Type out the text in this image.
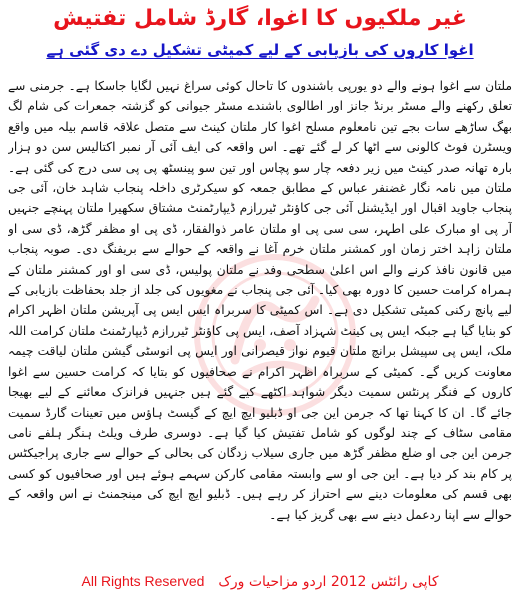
غیر ملکیوں کا اغوا، گارڈ شامل تفتیش
اغوا کاروں کی بازیابی کے لیے کمیٹی تشکیل دے دی گئی ہے
ملتان سے اغوا ہونے والے دو یورپی باشندوں کا تاحال کوئی سراغ نہیں لگایا جاسکا ہے۔ جرمنی سے تعلق رکھنے والے مسٹر برنڈ جانز اور اطالوی باشندے مسٹر جیوانی کو گزشتہ جمعرات کی شام لگ بھگ ساڑھے سات بجے تین نامعلوم مسلح اغوا کار ملتان کینٹ سے متصل علاقہ قاسم بیلہ میں واقع ویسٹرن فوٹ کالونی سے اٹھا کر لے گئے تھے۔ اس واقعہ کی ایف آئی آر نمبر اکتالیس سن دو ہزار بارہ تھانہ صدر کینٹ میں زیر دفعہ چار سو پچاس اور تین سو پینسٹھ پی پی سی درج کی گئی ہے۔ ملتان میں نامہ نگار غضنفر عباس کے مطابق جمعہ کو سیکرٹری داخلہ پنجاب شاہد خان، آئی جی پنجاب جاوید اقبال اور ایڈیشنل آئی جی کاؤنٹر ٹیررازم ڈیپارٹمنٹ مشتاق سکھیرا ملتان پہنچے جنہیں آر پی او مبارک علی اطہر، سی سی پی او ملتان عامر ذوالفقار، ڈی پی او مظفر گڑھ، ڈی سی او ملتان زاہد اختر زمان اور کمشنر ملتان خرم آغا نے واقعہ کے حوالے سے بریفنگ دی۔ صوبہ پنجاب میں قانون نافذ کرنے والے اس اعلیٰ سطحی وفد نے ملتان پولیس، ڈی سی او اور کمشنر ملتان کے ہمراہ کرامت حسین کا دورہ بھی کیا۔ آئی جی پنجاب نے مغویوں کی جلد از جلد بحفاظت بازیابی کے لیے پانچ رکنی کمیٹی تشکیل دی ہے۔ اس کمیٹی کا سربراہ ایس ایس پی آپریشن ملتان اظہر اکرام کو بنایا گیا ہے جبکہ ایس پی کینٹ شہزاد آصف، ایس پی کاؤنٹر ٹیررازم ڈیپارٹمنٹ ملتان کرامت اللہ ملک، ایس پی سپیشل برانچ ملتان قیوم نواز قیصرانی اور ایس پی انوسٹی گیشن ملتان لیاقت چیمہ معاونت کریں گے۔ کمیٹی کے سربراہ اظہر اکرام نے صحافیوں کو بتایا کہ کرامت حسین سے اغوا کاروں کے فنگر پرنٹس سمیت دیگر شواہد اکٹھے کیے گئے ہیں جنہیں فرانزک معائنے کے لیے بھیجا جائے گا۔ ان کا کہنا تھا کہ جرمن این جی او ڈبلیو ایچ ایچ کے گیسٹ ہاؤس میں تعینات گارڈ سمیت مقامی سٹاف کے چند لوگوں کو شامل تفتیش کیا گیا ہے۔ دوسری طرف ویلٹ ہنگر ہلفے نامی جرمن این جی او ضلع مظفر گڑھ میں جاری سیلاب زدگان کی بحالی کے حوالے سے جاری پراجیکٹس پر کام بند کر دیا ہے۔ این جی او سے وابستہ مقامی کارکن سہمے ہوئے ہیں اور صحافیوں کو کسی بھی قسم کی معلومات دینے سے احتراز کر رہے ہیں۔ ڈبلیو ایچ ایچ کی مینجمنٹ نے اس واقعہ کے حوالے سے اپنا ردعمل دینے سے بھی گریز کیا ہے۔
All Rights Reserved کاپی رائٹس 2012 اردو مزاحیات ورک
